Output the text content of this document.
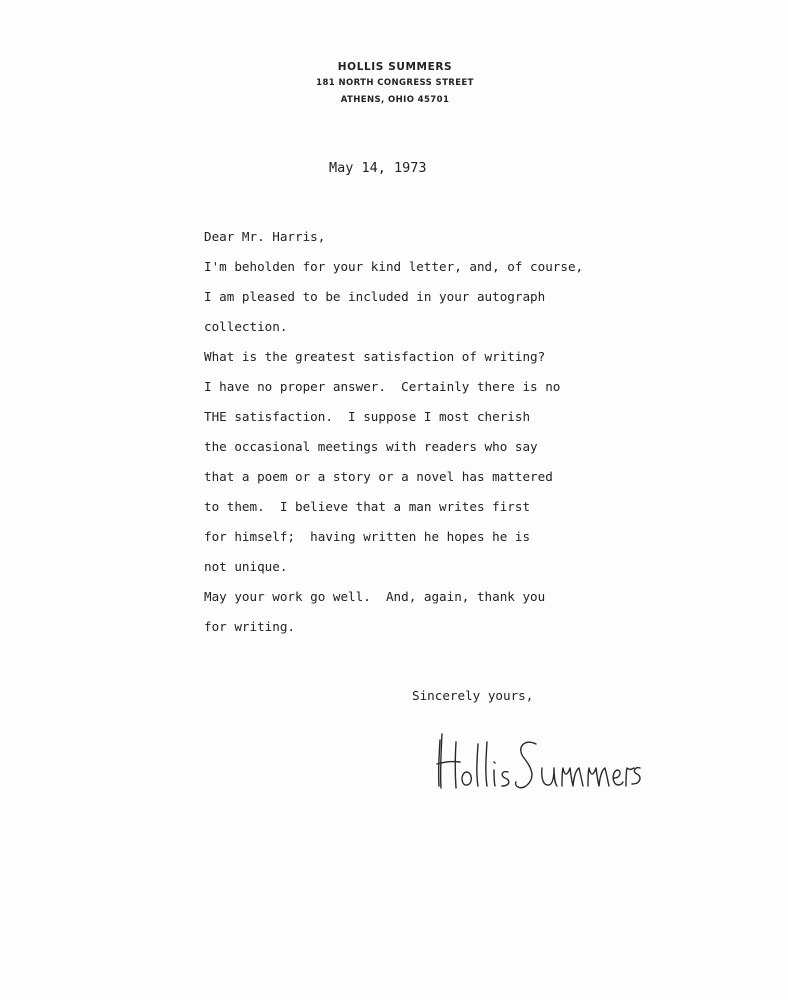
HOLLIS SUMMERS
181 NORTH CONGRESS STREET
ATHENS, OHIO 45701
May 14, 1973
Dear Mr. Harris,
I'm beholden for your kind letter, and, of course,
I am pleased to be included in your autograph
collection.
What is the greatest satisfaction of writing?
I have no proper answer.  Certainly there is no
THE satisfaction.  I suppose I most cherish
the occasional meetings with readers who say
that a poem or a story or a novel has mattered
to them.  I believe that a man writes first
for himself;  having written he hopes he is
not unique.
May your work go well.  And, again, thank you
for writing.
Sincerely yours,
